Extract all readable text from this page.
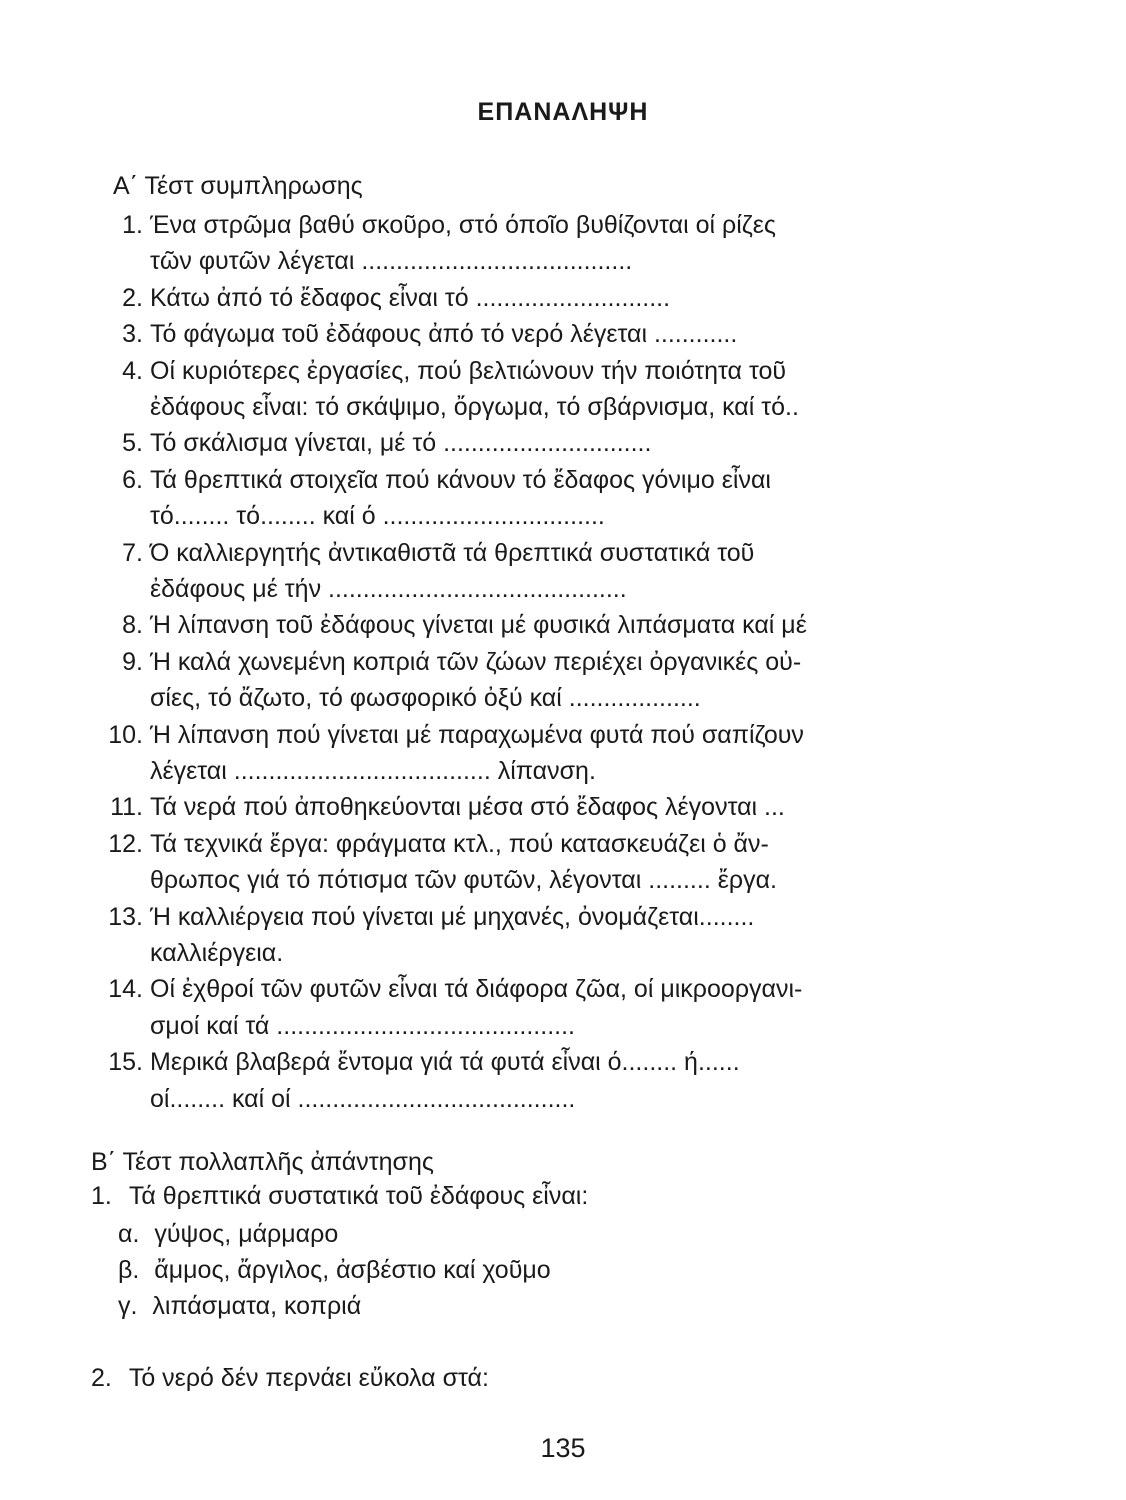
ΕΠΑΝΑΛΗΨΗ
Α΄ Τέστ συμπληρωσης
1. Ένα στρῶμα βαθύ σκοῦρο, στό όποῖο βυθίζονται οί ρίζες
τῶν φυτῶν λέγεται .......................................
2. Κάτω ἀπό τό ἔδαφος εἶναι τό ............................
3. Τό φάγωμα τοῦ ἐδάφους ἀπό τό νερό λέγεται ............
4. Οί κυριότερες ἐργασίες, πού βελτιώνουν τήν ποιότητα τοῦ
ἐδάφους εἶναι: τό σκάψιμο, ὄργωμα, τό σβάρνισμα, καί τό..
5. Τό σκάλισμα γίνεται, μέ τό ..............................
6. Τά θρεπτικά στοιχεῖα πού κάνουν τό ἔδαφος γόνιμο εἶναι
τό........ τό........ καί ό ................................
7. Ό καλλιεργητής ἀντικαθιστᾶ τά θρεπτικά συστατικά τοῦ
ἐδάφους μέ τήν ...........................................
8. Ή λίπανση τοῦ ἐδάφους γίνεται μέ φυσικά λιπάσματα καί μέ
9. Ή καλά χωνεμένη κοπριά τῶν ζώων περιέχει ὀργανικές οὐ-
σίες, τό ἄζωτο, τό φωσφορικό ὀξύ καί ...................
10. Ή λίπανση πού γίνεται μέ παραχωμένα φυτά πού σαπίζουν
λέγεται ..................................... λίπανση.
11. Τά νερά πού ἀποθηκεύονται μέσα στό ἔδαφος λέγονται ...
12. Τά τεχνικά ἔργα: φράγματα κτλ., πού κατασκευάζει ὁ ἄν-
θρωπος γιά τό πότισμα τῶν φυτῶν, λέγονται ......... ἔργα.
13. Ή καλλιέργεια πού γίνεται μέ μηχανές, ὀνομάζεται........
καλλιέργεια.
14. Οί ἐχθροί τῶν φυτῶν εἶναι τά διάφορα ζῶα, οί μικροοργανι-
σμοί καί τά ...........................................
15. Μερικά βλαβερά ἔντομα γιά τά φυτά εἶναι ό........ ή......
οί........ καί οί ........................................
Β΄ Τέστ πολλαπλῆς ἀπάντησης
1. Τά θρεπτικά συστατικά τοῦ ἐδάφους εἶναι:
α. γύψος, μάρμαρο
β. ἄμμος, ἄργιλος, ἀσβέστιο καί χοῦμο
γ. λιπάσματα, κοπριά
2. Τό νερό δέν περνάει εὔκολα στά:
135
